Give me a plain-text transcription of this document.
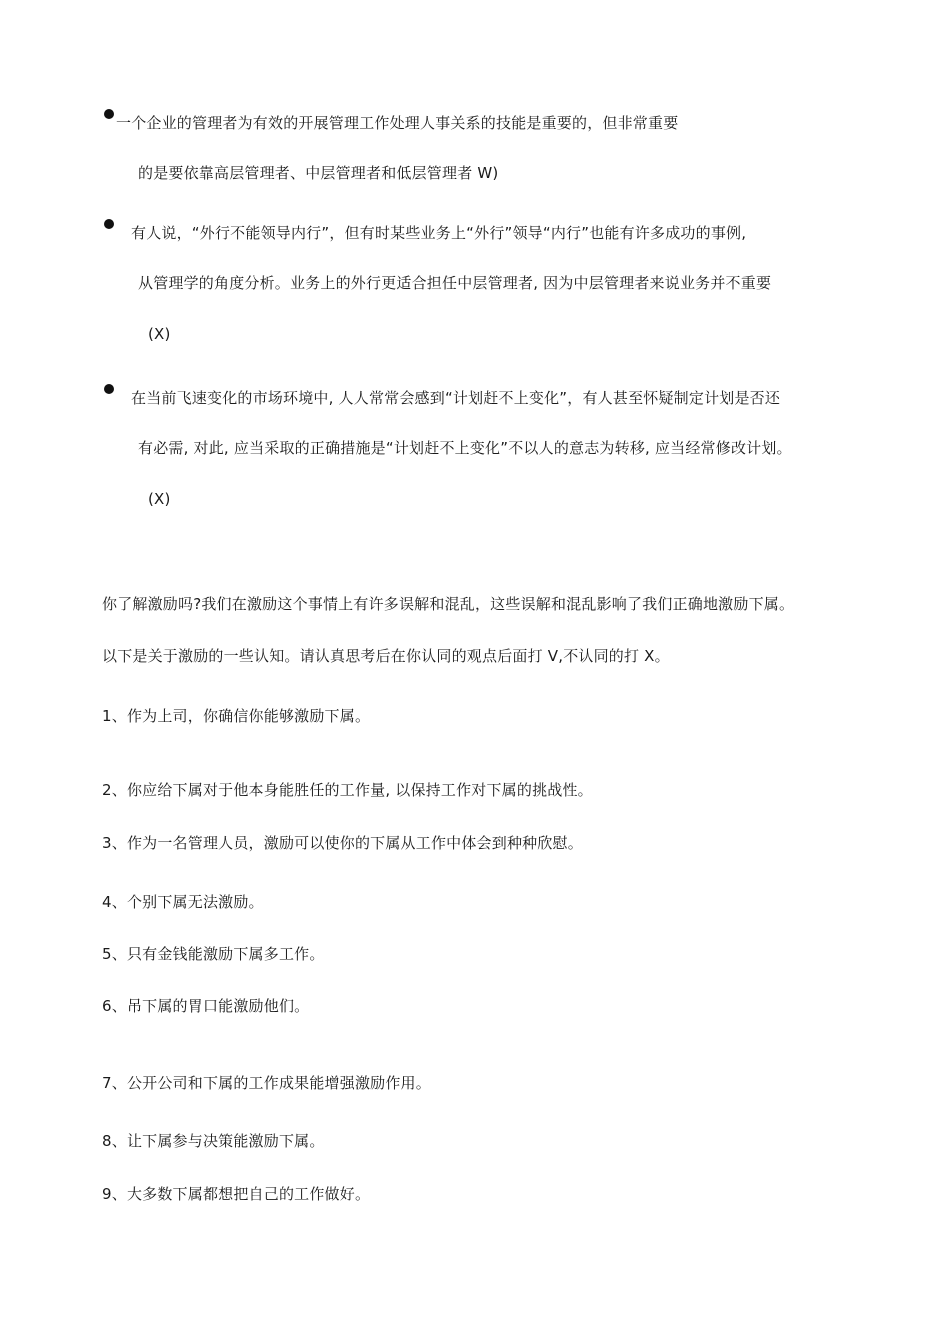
一个企业的管理者为有效的开展管理工作处理人事关系的技能是重要的，但非常重要
的是要依靠高层管理者、中层管理者和低层管理者 W)
有人说，“外行不能领导内行”，但有时某些业务上“外行”领导“内行”也能有许多成功的事例,
从管理学的角度分析。业务上的外行更适合担任中层管理者, 因为中层管理者来说业务并不重要
(X)
在当前飞速变化的市场环境中, 人人常常会感到“计划赶不上变化”，有人甚至怀疑制定计划是否还
有必需, 对此, 应当采取的正确措施是“计划赶不上变化”不以人的意志为转移, 应当经常修改计划。
(X)
你了解激励吗?我们在激励这个事情上有许多误解和混乱，这些误解和混乱影响了我们正确地激励下属。
以下是关于激励的一些认知。请认真思考后在你认同的观点后面打 V,不认同的打 X。
1、作为上司，你确信你能够激励下属。
2、你应给下属对于他本身能胜任的工作量, 以保持工作对下属的挑战性。
3、作为一名管理人员，激励可以使你的下属从工作中体会到种种欣慰。
4、个别下属无法激励。
5、只有金钱能激励下属多工作。
6、吊下属的胃口能激励他们。
7、公开公司和下属的工作成果能增强激励作用。
8、让下属参与决策能激励下属。
9、大多数下属都想把自己的工作做好。
